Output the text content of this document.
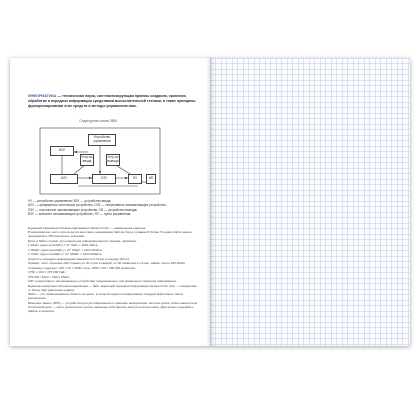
ИНФОРМАТИКА — техническая наука, систематизирующая приемы создания, хранения, обработки и передачи информации средствами вычислительной техники, а также принципы функционирования этих средств и методы управления ими.

Структурная схема ЭВМ
Устройство управления
ВЗУ
Устр-во ввода
Устр-во вывода
АЛУ	ОЗУ	ПУ	ИП
УУ — устройство управления; ВЗУ — устройство ввода;
АЛУ — арифметико-логическое устройство; ОЗУ — оперативное запоминающее устройство;
ПЗУ — постоянное запоминающее устройство; УВ — устройство вывода;
ВЗУ — внешнее запоминающее устройство; ПУ — пульт управления.

Единицей измерения объема информации является бит — наименьшая единица.

В информатике часто используется величина, называемая байтом (byte) и равная 8 битам. В одном байте можно закодировать 256 различных значений.

Биты и байты служат для измерения информационного объема, например:

1 Кбайт (один килобайт) = 2¹⁰ байт = 1024 байта;

1 Мбайт (один мегабайт) = 2¹⁰ Кбайт = 1024 Кбайта;

1 Гбайт (один гигабайт) = 2¹⁰ Мбайт = 1024 Мбайта.

Скорость передачи информации измеряется в битах в секунду (бит/с).

Пример: текст объемом 100 страниц по 30 строк в каждой, по 60 символов в строке, займет около 180 Кбайт.

Страницы содержат: 100 × 30 = 3000 строк, 3000 × 60 = 180 000 символов.

3750 × 100 = 375 000 байт;

375 000 / 1024 = 366,2 Кбайт;

ОЗУ (оперативное запоминающее устройство) предназначено для временного хранения информации.

Единица измерения объема информации — байт. Единицей передачи информации является бит (bit) — сокращение от binary digit (двоичная цифра).

Файл — это поименованная область на диске, в которой хранится информация. Каждый файл имеет имя и расширение.

Внешняя память (ВЗУ) — устройства для долговременного хранения информации: жесткие диски, флеш-накопители.

Логический диск — часть физического диска, имеющая собственное имя (логическое имя). Диск может содержать файлы и каталоги.
